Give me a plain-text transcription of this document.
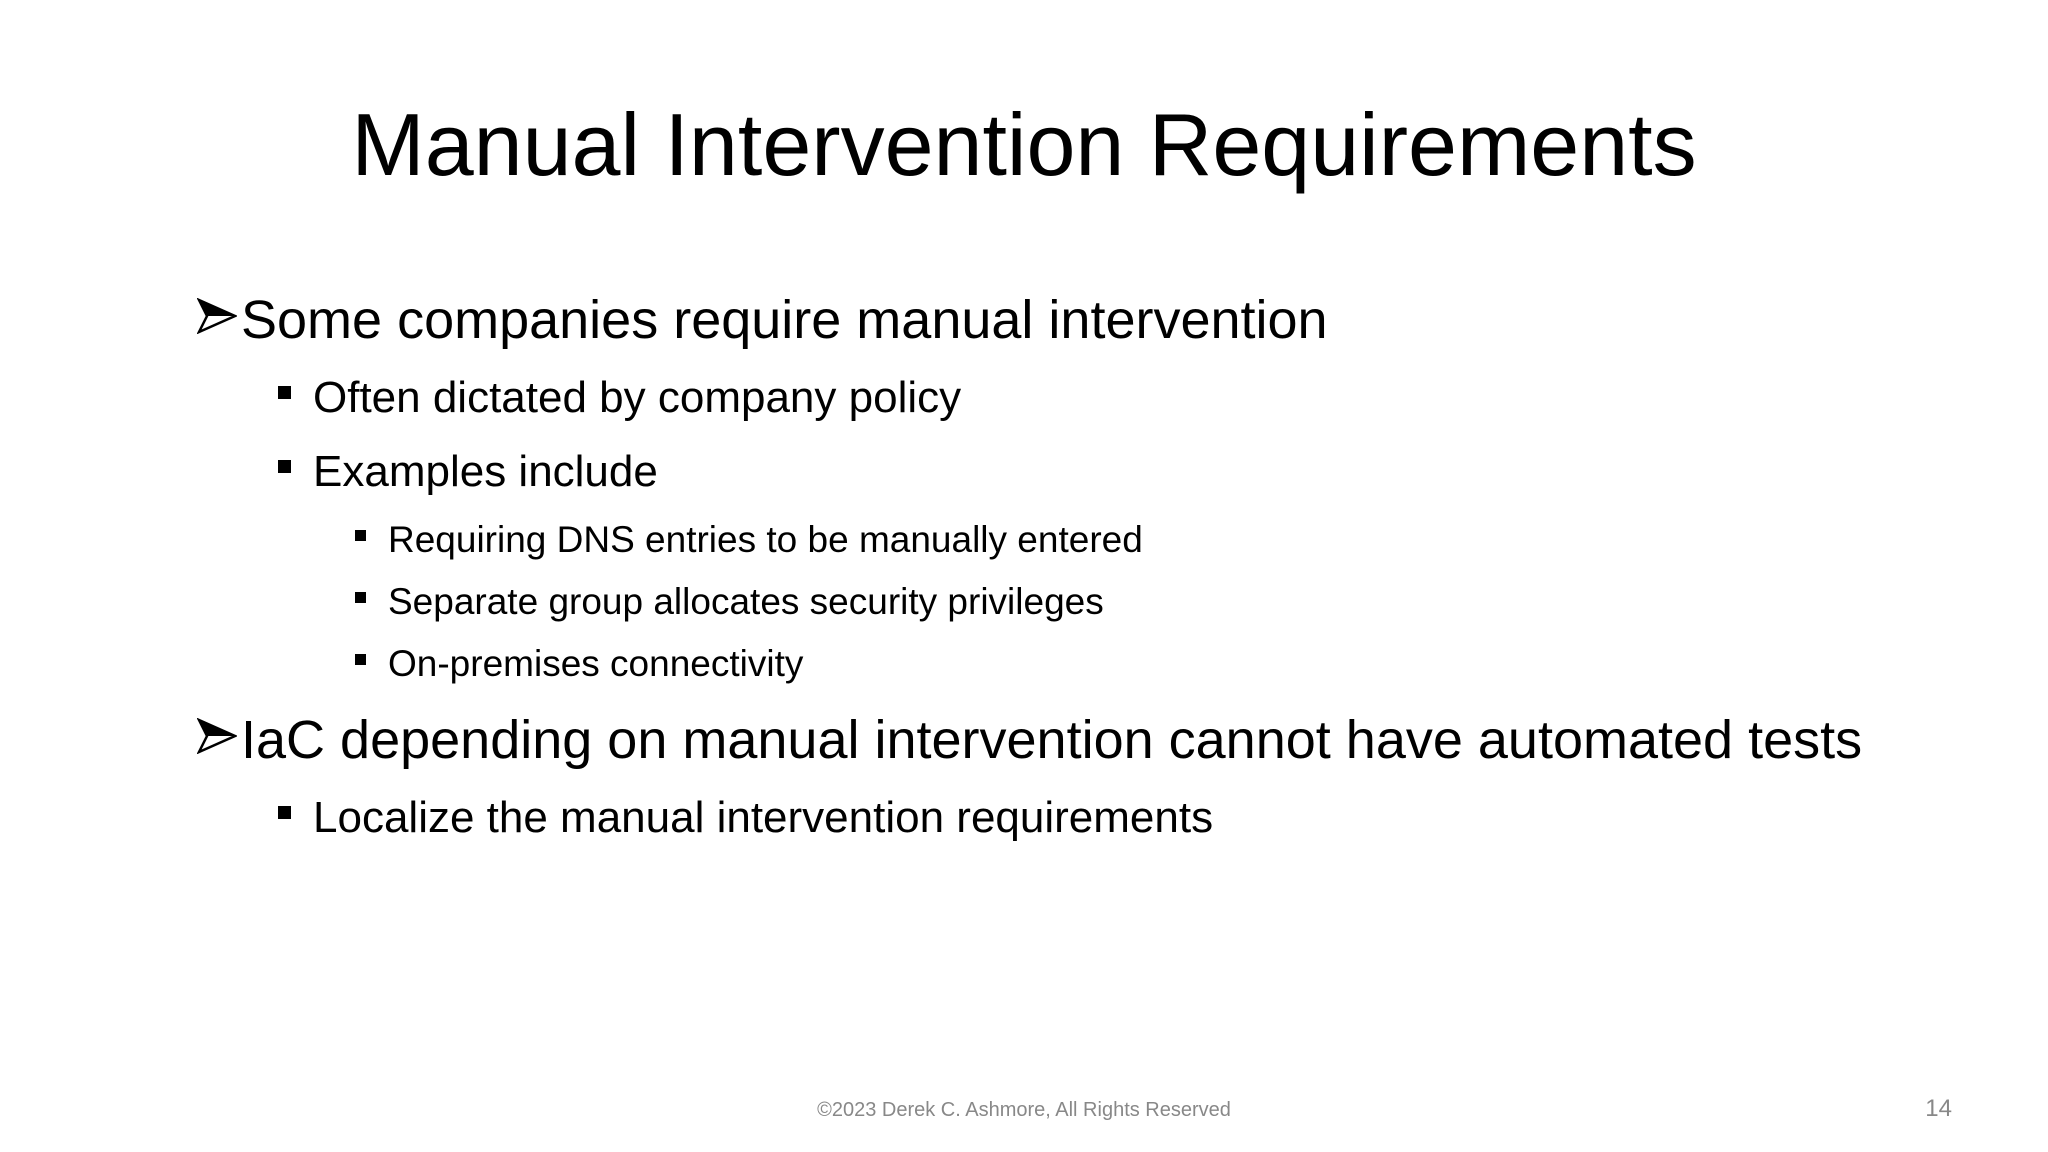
Manual Intervention Requirements
Some companies require manual intervention
Often dictated by company policy
Examples include
Requiring DNS entries to be manually entered
Separate group allocates security privileges
On-premises connectivity
IaC depending on manual intervention cannot have automated tests
Localize the manual intervention requirements
©2023 Derek C. Ashmore, All Rights Reserved	14
